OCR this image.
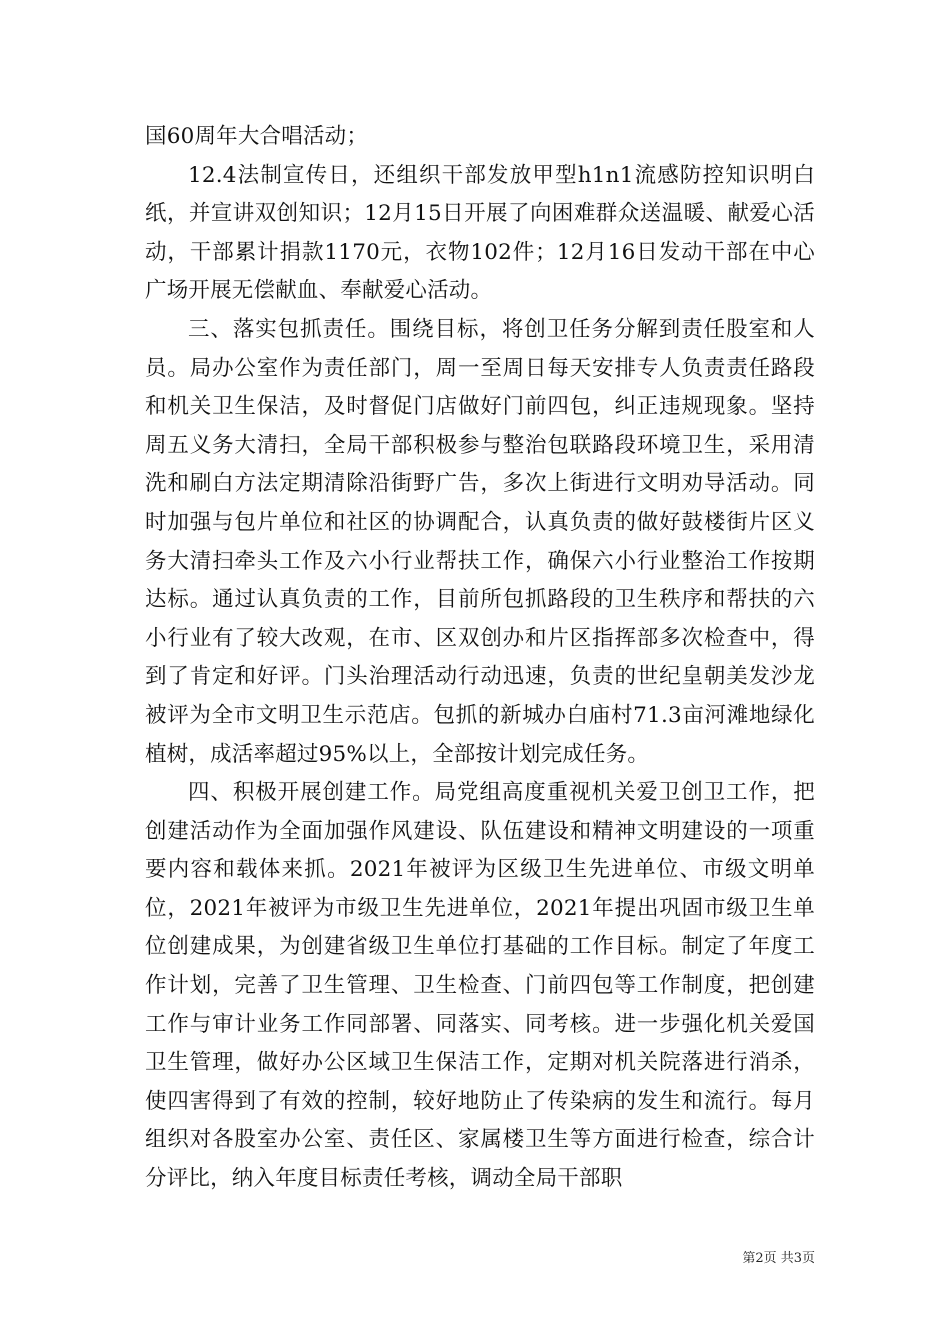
国60周年大合唱活动；

12.4法制宣传日，还组织干部发放甲型h1n1流感防控知识明白纸，并宣讲双创知识；12月15日开展了向困难群众送温暖、献爱心活动，干部累计捐款1170元，衣物102件；12月16日发动干部在中心广场开展无偿献血、奉献爱心活动。

三、落实包抓责任。围绕目标，将创卫任务分解到责任股室和人员。局办公室作为责任部门，周一至周日每天安排专人负责责任路段和机关卫生保洁，及时督促门店做好门前四包，纠正违规现象。坚持周五义务大清扫，全局干部积极参与整治包联路段环境卫生，采用清洗和刷白方法定期清除沿街野广告，多次上街进行文明劝导活动。同时加强与包片单位和社区的协调配合，认真负责的做好鼓楼街片区义务大清扫牵头工作及六小行业帮扶工作，确保六小行业整治工作按期达标。通过认真负责的工作，目前所包抓路段的卫生秩序和帮扶的六小行业有了较大改观，在市、区双创办和片区指挥部多次检查中，得到了肯定和好评。门头治理活动行动迅速，负责的世纪皇朝美发沙龙被评为全市文明卫生示范店。包抓的新城办白庙村71.3亩河滩地绿化植树，成活率超过95%以上，全部按计划完成任务。

四、积极开展创建工作。局党组高度重视机关爱卫创卫工作，把创建活动作为全面加强作风建设、队伍建设和精神文明建设的一项重要内容和载体来抓。2021年被评为区级卫生先进单位、市级文明单位，2021年被评为市级卫生先进单位，2021年提出巩固市级卫生单位创建成果，为创建省级卫生单位打基础的工作目标。制定了年度工作计划，完善了卫生管理、卫生检查、门前四包等工作制度，把创建工作与审计业务工作同部署、同落实、同考核。进一步强化机关爱国卫生管理，做好办公区域卫生保洁工作，定期对机关院落进行消杀，使四害得到了有效的控制，较好地防止了传染病的发生和流行。每月组织对各股室办公室、责任区、家属楼卫生等方面进行检查，综合计分评比，纳入年度目标责任考核，调动全局干部职

第2页 共3页
